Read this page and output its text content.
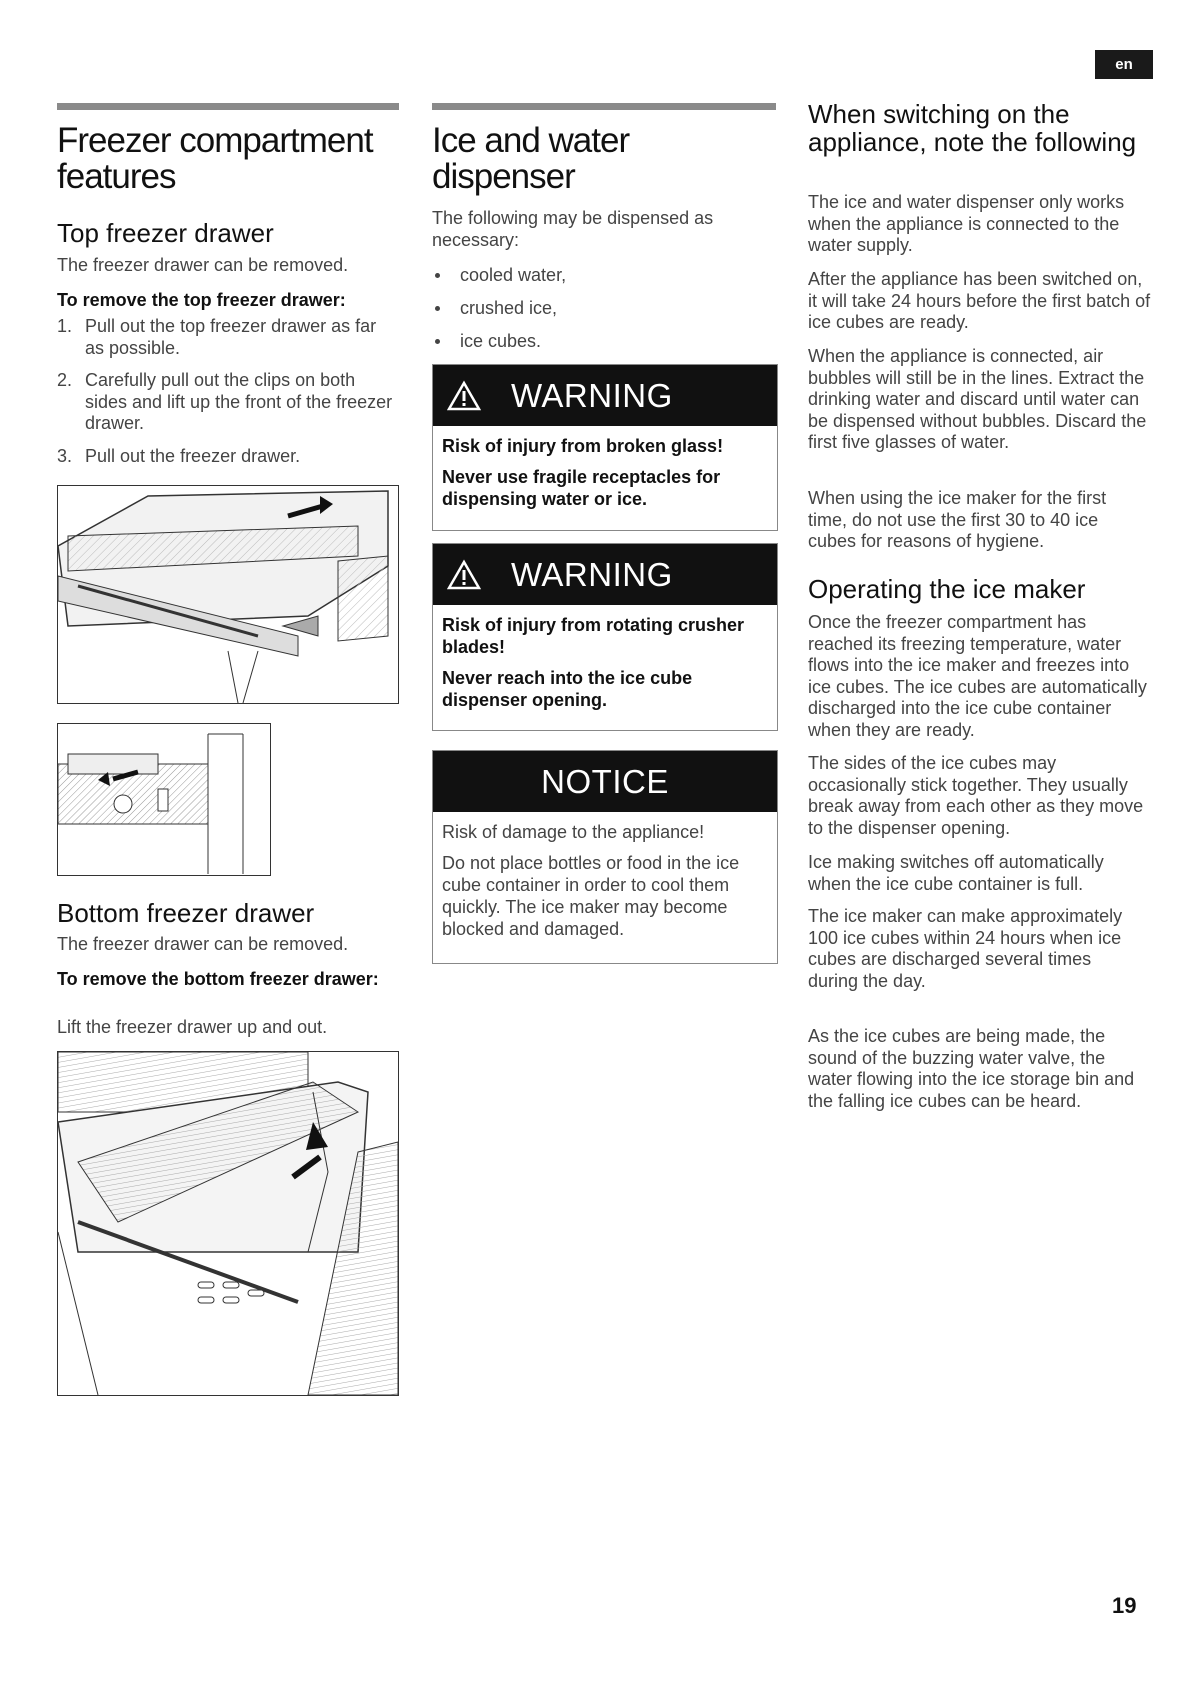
en
Freezer compartment
features
Top freezer drawer

The freezer drawer can be removed.

To remove the top freezer drawer:

1. Pull out the top freezer drawer as far as possible.
2. Carefully pull out the clips on both sides and lift up the front of the freezer drawer.
3. Pull out the freezer drawer.
Bottom freezer drawer

The freezer drawer can be removed.

To remove the bottom freezer drawer:

Lift the freezer drawer up and out.

Ice and water
dispenser

The following may be dispensed as necessary:

cooled water,
crushed ice,
ice cubes.
WARNING

Risk of injury from broken glass!

Never use fragile receptacles for dispensing water or ice.

WARNING

Risk of injury from rotating crusher blades!

Never reach into the ice cube dispenser opening.

NOTICE

Risk of damage to the appliance!

Do not place bottles or food in the ice cube container in order to cool them quickly. The ice maker may become blocked and damaged.

When switching on the appliance, note the following

The ice and water dispenser only works when the appliance is connected to the water supply.

After the appliance has been switched on, it will take 24 hours before the first batch of ice cubes are ready.

When the appliance is connected, air bubbles will still be in the lines. Extract the drinking water and discard until water can be dispensed without bubbles. Discard the first five glasses of water.

When using the ice maker for the first time, do not use the first 30 to 40 ice cubes for reasons of hygiene.

Operating the ice maker

Once the freezer compartment has reached its freezing temperature, water flows into the ice maker and freezes into ice cubes. The ice cubes are automatically discharged into the ice cube container when they are ready.

The sides of the ice cubes may occasionally stick together. They usually break away from each other as they move to the dispenser opening.

Ice making switches off automatically when the ice cube container is full.

The ice maker can make approximately 100 ice cubes within 24 hours when ice cubes are discharged several times during the day.

As the ice cubes are being made, the sound of the buzzing water valve, the water flowing into the ice storage bin and the falling ice cubes can be heard.

19
